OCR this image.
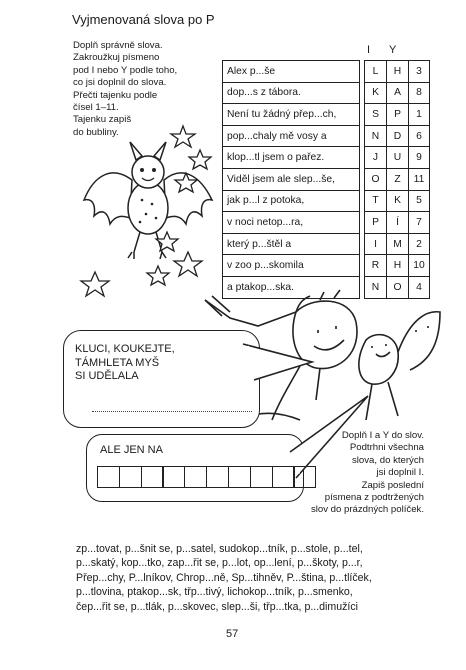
Vyjmenovaná slova po P
Doplň správně slova.
Zakroužkuj písmeno
pod I nebo Y podle toho,
co jsi doplnil do slova.
Přečti tajenku podle
čísel 1–11.
Tajenku zapiš
do bubliny.
I Y
Alex p...še		L	H	3
dop...s z tábora.		K	A	8
Není tu žádný přep...ch,		S	P	1
pop...chaly mě vosy a		N	D	6
klop...tl jsem o pařez.		J	U	9
Viděl jsem ale slep...še,		O	Z	11
jak p...l z potoka,		T	K	5
v noci netop...ra,		P	Í	7
který p...štěl a		I	M	2
v zoo p...skomila		R	H	10
a ptakop...ska.		N	O	4
KLUCI, KOUKEJTE,
TÁMHLETA MYŠ
SI UDĚLALA
ALE JEN NA
Doplň I a Y do slov.
Podtrhni všechna
slova, do kterých
jsi doplnil I.
Zapiš poslední
písmena z podtržených
slov do prázdných políček.
zp...tovat, p...šnit se, p...satel, sudokop...tník, p...stole, p...tel,
p...skatý, kop...tko, zap...řit se, p...lot, op...lení, p...škoty, p...r,
Přep...chy, P...lníkov, Chrop...ně, Sp...tihněv, P...ština, p...tlíček,
p...tlovina, ptakop...sk, třp...tivý, lichokop...tník, p...smenko,
čep...řit se, p...tlák, p...skovec, slep...ši, třp...tka, p...dimužíci
57
